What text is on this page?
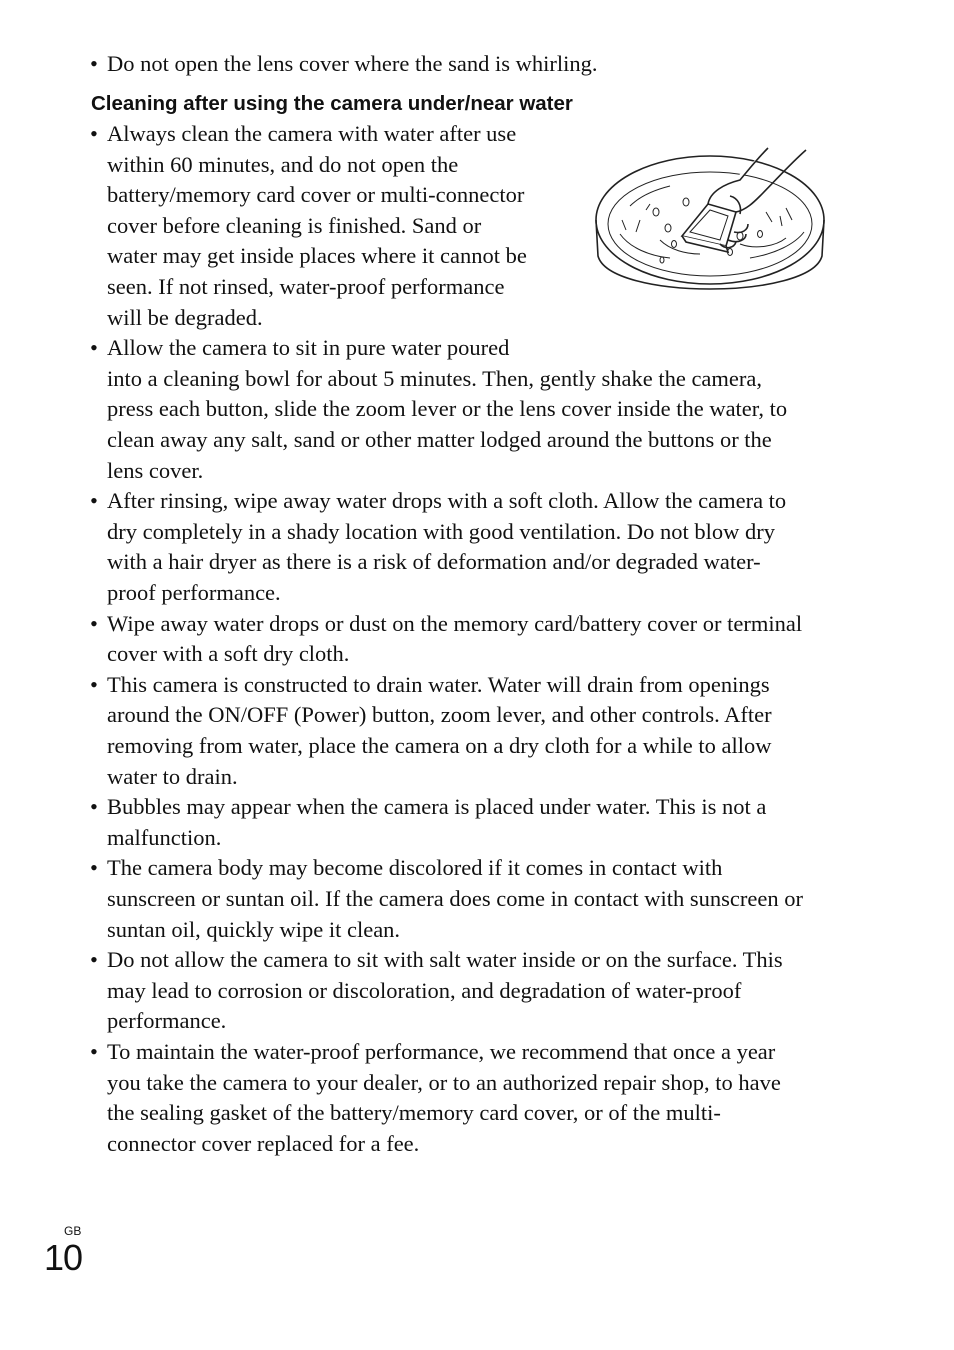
• Do not open the lens cover where the sand is whirling.
Cleaning after using the camera under/near water
• Always clean the camera with water after use
within 60 minutes, and do not open the
battery/memory card cover or multi-connector
cover before cleaning is finished. Sand or
water may get inside places where it cannot be
seen. If not rinsed, water-proof performance
will be degraded.
• Allow the camera to sit in pure water poured
into a cleaning bowl for about 5 minutes. Then, gently shake the camera,
press each button, slide the zoom lever or the lens cover inside the water, to
clean away any salt, sand or other matter lodged around the buttons or the
lens cover.
• After rinsing, wipe away water drops with a soft cloth. Allow the camera to
dry completely in a shady location with good ventilation. Do not blow dry
with a hair dryer as there is a risk of deformation and/or degraded water-
proof performance.
• Wipe away water drops or dust on the memory card/battery cover or terminal
cover with a soft dry cloth.
• This camera is constructed to drain water. Water will drain from openings
around the ON/OFF (Power) button, zoom lever, and other controls. After
removing from water, place the camera on a dry cloth for a while to allow
water to drain.
• Bubbles may appear when the camera is placed under water. This is not a
malfunction.
• The camera body may become discolored if it comes in contact with
sunscreen or suntan oil. If the camera does come in contact with sunscreen or
suntan oil, quickly wipe it clean.
• Do not allow the camera to sit with salt water inside or on the surface. This
may lead to corrosion or discoloration, and degradation of water-proof
performance.
• To maintain the water-proof performance, we recommend that once a year
you take the camera to your dealer, or to an authorized repair shop, to have
the sealing gasket of the battery/memory card cover, or of the multi-
connector cover replaced for a fee.
GB
10
